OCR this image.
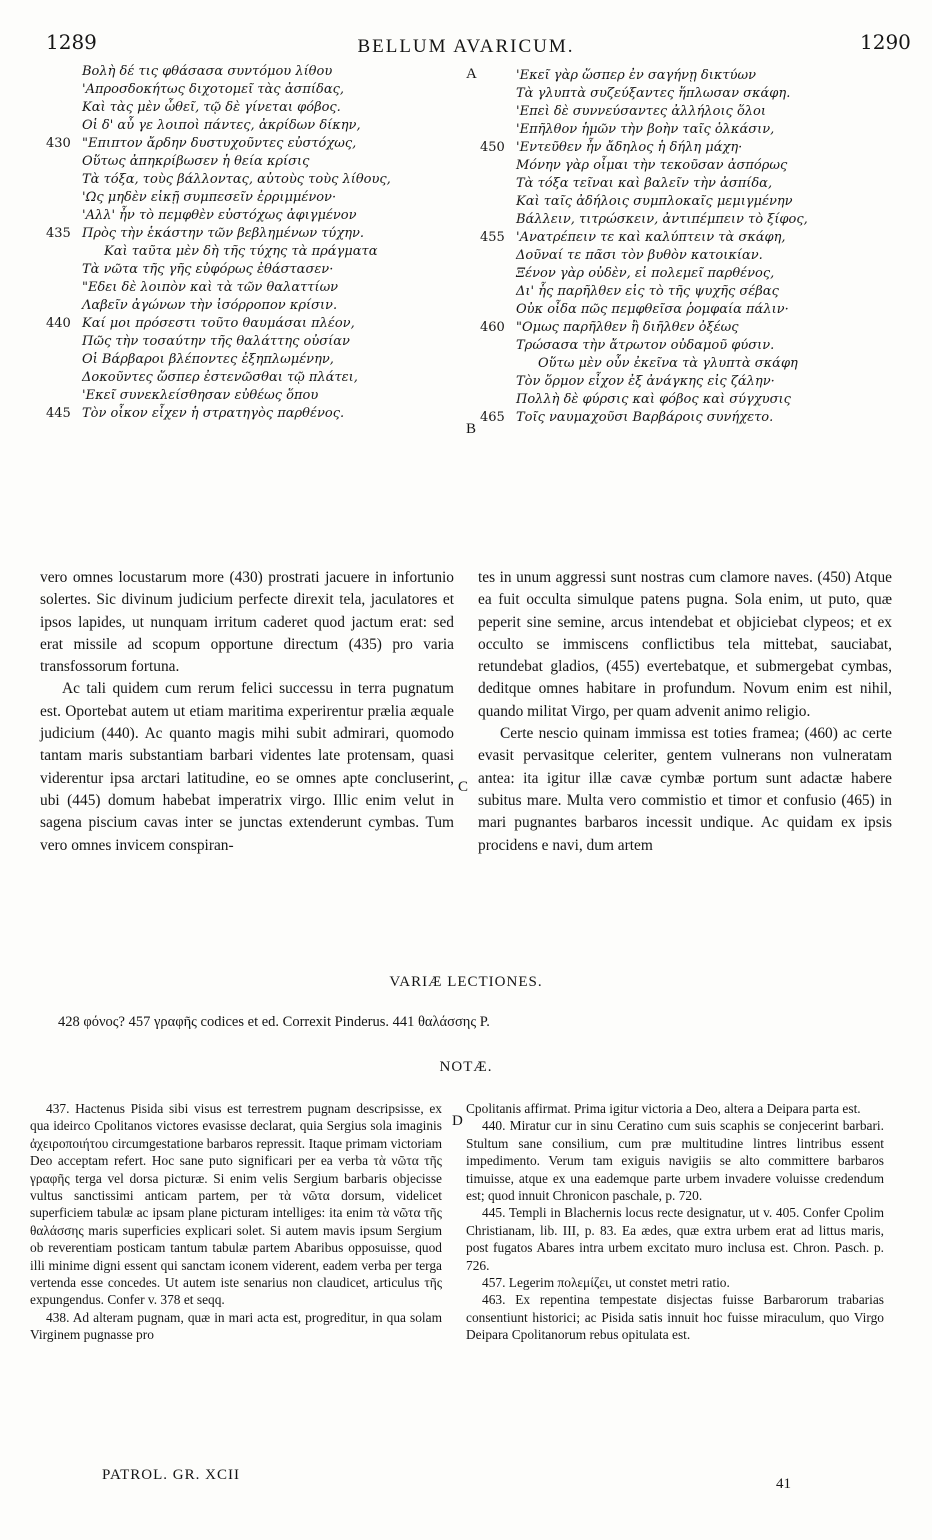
1289	BELLUM AVARICUM.	1290
Βολὴ δέ τις φθάσασα συντόμου λίθου
'Απροσδοκήτως διχοτομεῖ τὰς ἀσπίδας,
Καὶ τὰς μὲν ὦθεῖ, τῷ δὲ γίνεται φόβος.
Οἱ δ' αὖ γε λοιποὶ πάντες, ἀκρίδων δίκην,
430 "Επιπτον ἄρδην δυστυχοῦντες εὐστόχως,
Οὕτως ἀπηκρίβωσεν ἡ θεία κρίσις
Τὰ τόξα, τοὺς βάλλοντας, αὐτοὺς τοὺς λίθους,
'Ως μηδὲν εἰκῇ συμπεσεῖν ἐρριμμένον·
'Αλλ' ἦν τὸ πεμφθὲν εὐστόχως ἀφιγμένον
435 Πρὸς τὴν ἑκάστην τῶν βεβλημένων τύχην.
Καὶ ταῦτα μὲν δὴ τῆς τύχης τὰ πράγματα
Τὰ νῶτα τῆς γῆς εὐφόρως ἐθάστασεν·
"Εδει δὲ λοιπὸν καὶ τὰ τῶν θαλαττίων
Λαβεῖν ἀγώνων τὴν ἰσόρροπον κρίσιν.
440 Καί μοι πρόσεστι τοῦτο θαυμάσαι πλέον,
Πῶς τὴν τοσαύτην τῆς θαλάττης οὐσίαν
Οἱ Βάρβαροι βλέποντες ἐξηπλωμένην,
Δοκοῦντες ὥσπερ ἐστενῶσθαι τῷ πλάτει,
'Εκεῖ συνεκλείσθησαν εὐθέως ὅπου
445 Τὸν οἶκον εἶχεν ἡ στρατηγὸς παρθένος.
'Εκεῖ γὰρ ὥσπερ ἐν σαγήνῃ δικτύων
Τὰ γλυπτὰ συζεύξαντες ἥπλωσαν σκάφη.
'Επεὶ δὲ συννεύσαντες ἀλλήλοις ὅλοι
'Επῆλθον ἡμῶν τὴν βοὴν ταῖς ὁλκάσιν,
450 'Εντεῦθεν ἦν ἄδηλος ἡ δήλη μάχη·
Μόνην γὰρ οἶμαι τὴν τεκοῦσαν ἀσπόρως
Τὰ τόξα τεῖναι καὶ βαλεῖν τὴν ἀσπίδα,
Καὶ ταῖς ἀδήλοις συμπλοκαῖς μεμιγμένην
Βάλλειν, τιτρώσκειν, ἀντιπέμπειν τὸ ξίφος,
455 'Ανατρέπειν τε καὶ καλύπτειν τὰ σκάφη,
Δοῦναί τε πᾶσι τὸν βυθὸν κατοικίαν.
Ξένον γὰρ οὐδὲν, εἰ πολεμεῖ παρθένος,
Δι' ἧς παρῆλθεν εἰς τὸ τῆς ψυχῆς σέβας
Οὐκ οἶδα πῶς πεμφθεῖσα ῥομφαία πάλιν·
460 "Ομως παρῆλθεν ἢ διῆλθεν ὀξέως
Τρώσασα τὴν ἄτρωτον οὐδαμοῦ φύσιν.
Οὕτω μὲν οὖν ἐκεῖνα τὰ γλυπτὰ σκάφη
Τὸν ὅρμον εἶχον ἐξ ἀνάγκης εἰς ζάλην·
Πολλὴ δὲ φύρσις καὶ φόβος καὶ σύγχυσις
465 Τοῖς ναυμαχοῦσι Βαρβάροις συνήχετο.
A
B
C
D

vero omnes locustarum more (430) prostrati jacuere in infortunio solertes. Sic divinum judicium perfecte direxit tela, jaculatores et ipsos lapides, ut nunquam irritum caderet quod jactum erat: sed erat missile ad scopum opportune directum (435) pro varia transfossorum fortuna.

Ac tali quidem cum rerum felici successu in terra pugnatum est. Oportebat autem ut etiam maritima experirentur prælia æquale judicium (440). Ac quanto magis mihi subit admirari, quomodo tantam maris substantiam barbari videntes late protensam, quasi viderentur ipsa arctari latitudine, eo se omnes apte concluserint, ubi (445) domum habebat imperatrix virgo. Illic enim velut in sagena piscium cavas inter se junctas extenderunt cymbas. Tum vero omnes invicem conspiran-

tes in unum aggressi sunt nostras cum clamore naves. (450) Atque ea fuit occulta simulque patens pugna. Sola enim, ut puto, quæ peperit sine semine, arcus intendebat et objiciebat clypeos; et ex occulto se immiscens conflictibus tela mittebat, sauciabat, retundebat gladios, (455) evertebatque, et submergebat cymbas, deditque omnes habitare in profundum. Novum enim est nihil, quando militat Virgo, per quam advenit animo religio.

Certe nescio quinam immissa est toties framea; (460) ac certe evasit pervasitque celeriter, gentem vulnerans non vulneratam antea: ita igitur illæ cavæ cymbæ portum sunt adactæ habere subitus mare. Multa vero commistio et timor et confusio (465) in mari pugnantes barbaros incessit undique. Ac quidam ex ipsis procidens e navi, dum artem

VARIÆ LECTIONES.
428 φόνος? 457 γραφῆς codices et ed. Correxit Pinderus. 441 θαλάσσης P.
NOTÆ.

437. Hactenus Pisida sibi visus est terrestrem pugnam descripsisse, ex qua ideirco Cpolitanos victores evasisse declarat, quia Sergius sola imaginis ἀχειροποιήτου circumgestatione barbaros repressit. Itaque primam victoriam Deo acceptam refert. Hoc sane puto significari per ea verba τὰ νῶτα τῆς γραφῆς terga vel dorsa picturæ. Si enim velis Sergium barbaris objecisse vultus sanctissimi anticam partem, per τὰ νῶτα dorsum, videlicet superficiem tabulæ ac ipsam plane picturam intelliges: ita enim τὰ νῶτα τῆς θαλάσσης maris superficies explicari solet. Si autem mavis ipsum Sergium ob reverentiam posticam tantum tabulæ partem Abaribus opposuisse, quod illi minime digni essent qui sanctam iconem viderent, eadem verba per terga vertenda esse concedes. Ut autem iste senarius non claudicet, articulus τῆς expungendus. Confer v. 378 et seqq.

438. Ad alteram pugnam, quæ in mari acta est, progreditur, in qua solam Virginem pugnasse pro

Cpolitanis affirmat. Prima igitur victoria a Deo, altera a Deipara parta est.

440. Miratur cur in sinu Ceratino cum suis scaphis se conjecerint barbari. Stultum sane consilium, cum præ multitudine lintres lintribus essent impedimento. Verum tam exiguis navigiis se alto committere barbaros timuisse, atque ex una eademque parte urbem invadere voluisse credendum est; quod innuit Chronicon paschale, p. 720.

445. Templi in Blachernis locus recte designatur, ut v. 405. Confer Cpolim Christianam, lib. III, p. 83. Ea ædes, quæ extra urbem erat ad littus maris, post fugatos Abares intra urbem excitato muro inclusa est. Chron. Pasch. p. 726.

457. Legerim πολεμίζει, ut constet metri ratio.

463. Ex repentina tempestate disjectas fuisse Barbarorum trabarias consentiunt historici; ac Pisida satis innuit hoc fuisse miraculum, quo Virgo Deipara Cpolitanorum rebus opitulata est.

PATROL. GR. XCII
41
